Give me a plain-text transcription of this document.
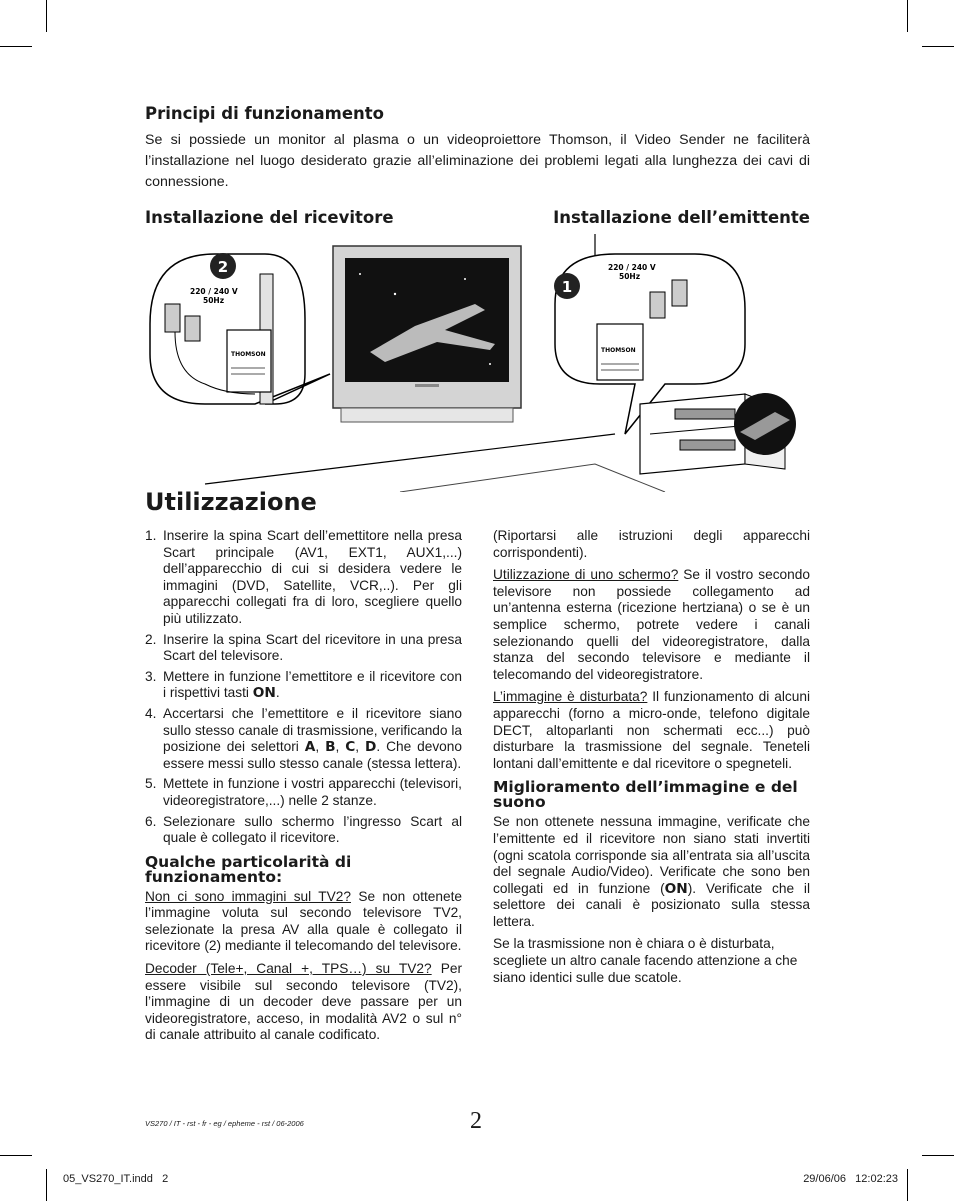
Principi di funzionamento
Se si possiede un monitor al plasma o un videoproiettore Thomson, il Video Sender ne faciliterà l’installazione nel luogo desiderato grazie all’eliminazione dei problemi legati alla lunghezza dei cavi di connessione.
Installazione del ricevitore	Installazione dell’emittente
2
220 / 240 V
50Hz
THOMSON
1
220 / 240 V
50Hz
THOMSON
Utilizzazione
1. Inserire la spina Scart dell’emettitore nella presa Scart principale (AV1, EXT1, AUX1,...) dell’apparecchio di cui si desidera vedere le immagini (DVD, Satellite, VCR,..). Per gli apparecchi collegati fra di loro, scegliere quello più utilizzato.
2. Inserire la spina Scart del ricevitore in una presa Scart del televisore.
3. Mettere in funzione l’emettitore e il ricevitore con i rispettivi tasti ON.
4. Accertarsi che l’emettitore e il ricevitore siano sullo stesso canale di trasmissione, verificando la posizione dei selettori A, B, C, D. Che devono essere messi sullo stesso canale (stessa lettera).
5. Mettete in funzione i vostri apparecchi (televisori, videoregistratore,...) nelle 2 stanze.
6. Selezionare sullo schermo l’ingresso Scart al quale è collegato il ricevitore.
Qualche particolarità di funzionamento:

Non ci sono immagini sul TV2? Se non ottenete l’immagine voluta sul secondo televisore TV2, selezionate la presa AV alla quale è collegato il ricevitore (2) mediante il telecomando del televisore.

Decoder (Tele+, Canal +, TPS…) su TV2? Per essere visibile sul secondo televisore (TV2), l’immagine di un decoder deve passare per un videoregistratore, acceso, in modalità AV2 o sul n° di canale attribuito al canale codificato.

(Riportarsi alle istruzioni degli apparecchi corrispondenti).

Utilizzazione di uno schermo? Se il vostro secondo televisore non possiede collegamento ad un’antenna esterna (ricezione hertziana) o se è un semplice schermo, potrete vedere i canali selezionando quelli del videoregistratore, dalla stanza del secondo televisore e mediante il telecomando del videoregistratore.

L’immagine è disturbata? Il funzionamento di alcuni apparecchi (forno a micro-onde, telefono digitale DECT, altoparlanti non schermati ecc...) può disturbare la trasmissione del segnale. Teneteli lontani dall’emittente e dal ricevitore o spegneteli.

Miglioramento dell’immagine e del suono

Se non ottenete nessuna immagine, verificate che l’emittente ed il ricevitore non siano stati invertiti (ogni scatola corrisponde sia all’entrata sia all’uscita del segnale Audio/Video). Verificate che sono ben collegati ed in funzione (ON). Verificate che il selettore dei canali è posizionato sulla stessa lettera.

Se la trasmissione non è chiara o è disturbata, scegliete un altro canale facendo attenzione a che siano identici sulle due scatole.

VS270 / IT - rst - fr - eg / epheme - rst / 06-2006	2
05_VS270_IT.indd   2	29/06/06   12:02:23
